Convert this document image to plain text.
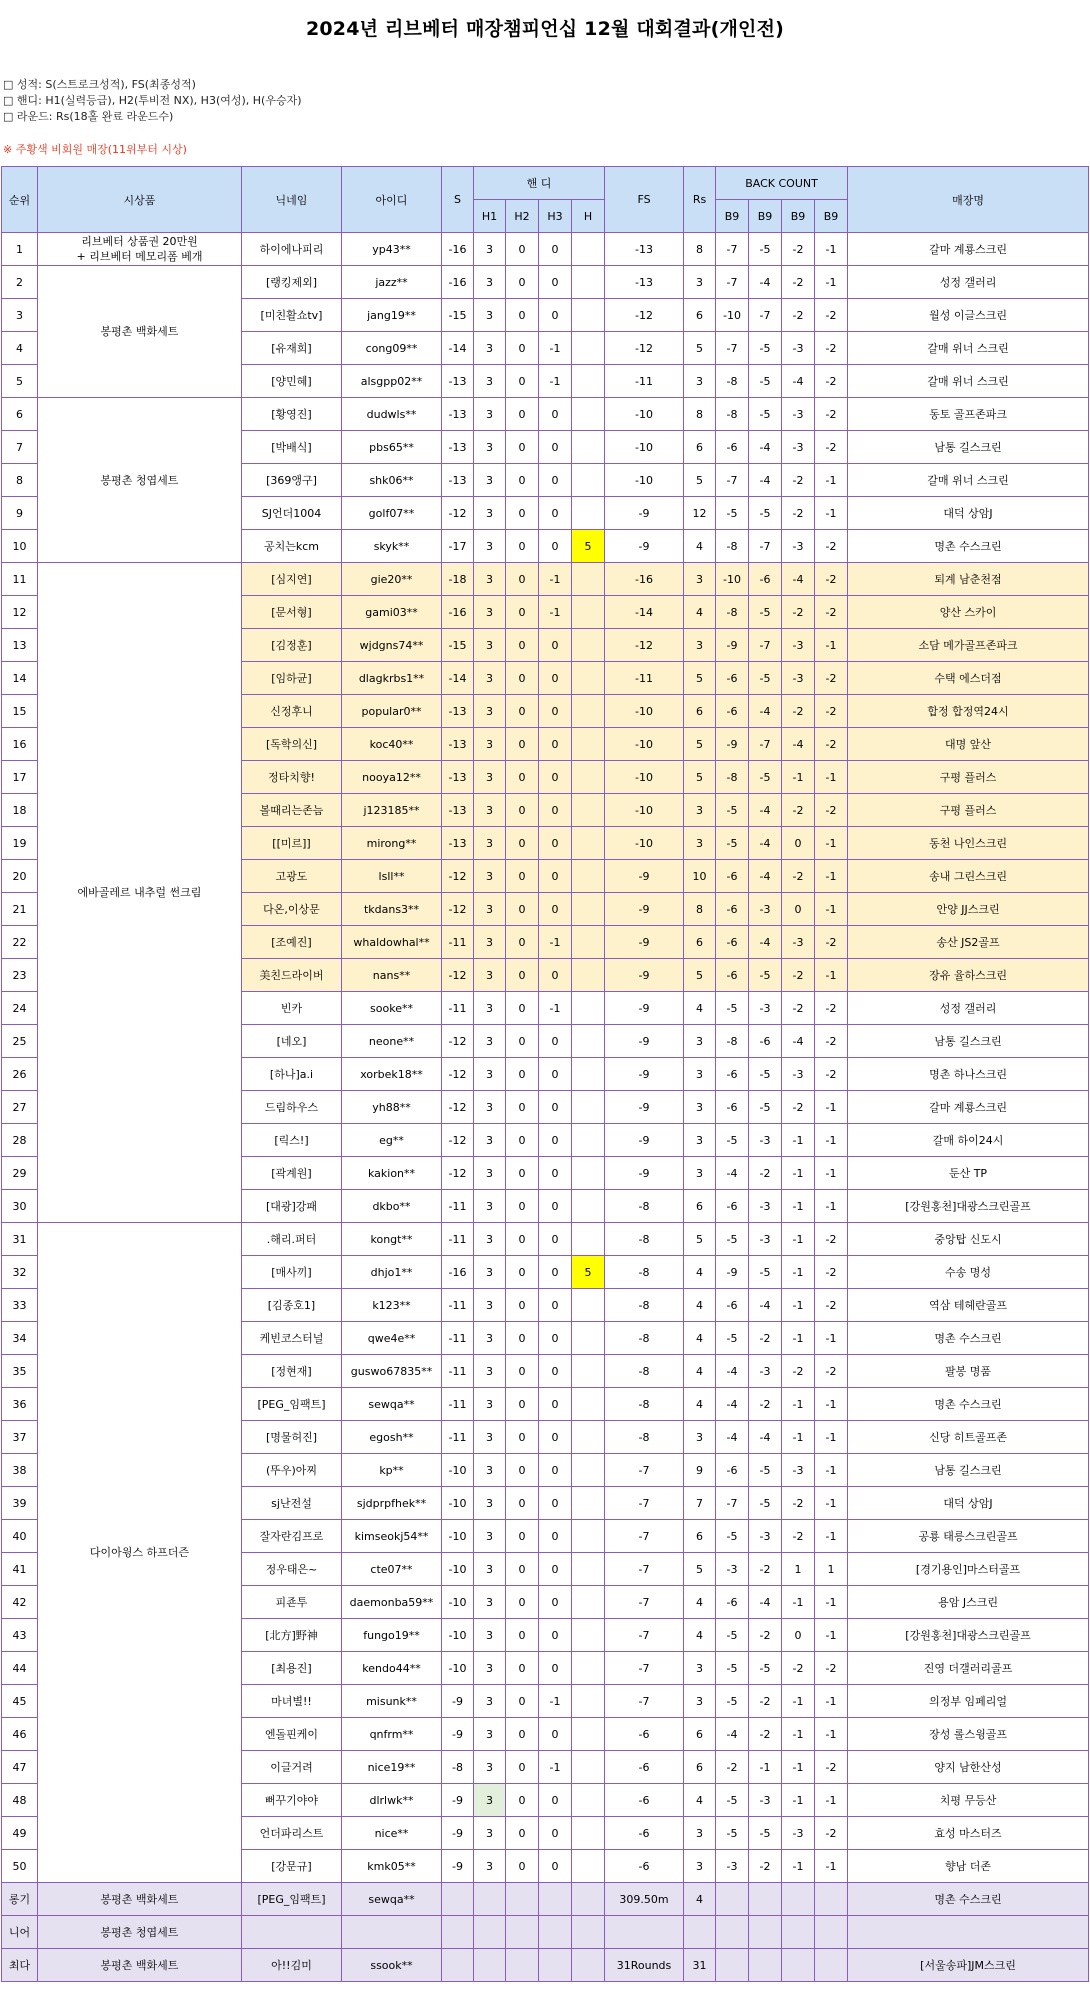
2024년 리브베터 매장챔피언십 12월 대회결과(개인전)
□ 성적: S(스트로크성적), FS(최종성적)
□ 핸디: H1(실력등급), H2(투비전 NX), H3(여성), H(우승자)
□ 라운드: Rs(18홀 완료 라운드수)
※ 주황색 비회원 매장(11위부터 시상)
순위	시상품	닉네임	아이디	S	핸 디				FS	Rs	BACK COUNT				매장명
					H1	H2	H3	H			B9	B9	B9	B9	
1	리브베터 상품권 20만원
+ 리브베터 메모리폼 베개	하이에나피리	yp43**	-16	3	0	0		-13	8	-7	-5	-2	-1	갈마 계룡스크린
2	봉평촌 백화세트	[랭킹제외]	jazz**	-16	3	0	0		-13	3	-7	-4	-2	-1	성정 갤러리
3		[미친활쇼tv]	jang19**	-15	3	0	0		-12	6	-10	-7	-2	-2	월성 이글스크린
4		[유재희]	cong09**	-14	3	0	-1		-12	5	-7	-5	-3	-2	갈매 위너 스크린
5		[양민혜]	alsgpp02**	-13	3	0	-1		-11	3	-8	-5	-4	-2	갈매 위너 스크린
6	봉평촌 청엽세트	[황영진]	dudwls**	-13	3	0	0		-10	8	-8	-5	-3	-2	동토 골프존파크
7		[박배식]	pbs65**	-13	3	0	0		-10	6	-6	-4	-3	-2	남통 길스크린
8		[369앵구]	shk06**	-13	3	0	0		-10	5	-7	-4	-2	-1	갈매 위너 스크린
9		SJ언더1004	golf07**	-12	3	0	0		-9	12	-5	-5	-2	-1	대덕 상암J
10		공치는kcm	skyk**	-17	3	0	0	5	-9	4	-8	-7	-3	-2	명촌 수스크린
11	에바골레르 내추럴 썬크림	[심지연]	gie20**	-18	3	0	-1		-16	3	-10	-6	-4	-2	퇴계 남춘천점
12		[문서형]	gami03**	-16	3	0	-1		-14	4	-8	-5	-2	-2	양산 스카이
13		[김정훈]	wjdgns74**	-15	3	0	0		-12	3	-9	-7	-3	-1	소담 메가골프존파크
14		[임하균]	dlagkrbs1**	-14	3	0	0		-11	5	-6	-5	-3	-2	수택 에스더점
15		신정후니	popular0**	-13	3	0	0		-10	6	-6	-4	-2	-2	합정 합정역24시
16		[독학의신]	koc40**	-13	3	0	0		-10	5	-9	-7	-4	-2	대명 앞산
17		정타치향!	nooya12**	-13	3	0	0		-10	5	-8	-5	-1	-1	구평 플러스
18		볼때리는존늠	j123185**	-13	3	0	0		-10	3	-5	-4	-2	-2	구평 플러스
19		[[미르]]	mirong**	-13	3	0	0		-10	3	-5	-4	0	-1	동천 나인스크린
20		고광도	lsll**	-12	3	0	0		-9	10	-6	-4	-2	-1	송내 그린스크린
21		다온,이상문	tkdans3**	-12	3	0	0		-9	8	-6	-3	0	-1	안양 JJ스크린
22		[조예진]	whaldowhal**	-11	3	0	-1		-9	6	-6	-4	-3	-2	송산 JS2골프
23		美친드라이버	nans**	-12	3	0	0		-9	5	-6	-5	-2	-1	장유 율하스크린
24		빈카	sooke**	-11	3	0	-1		-9	4	-5	-3	-2	-2	성정 갤러리
25		[네오]	neone**	-12	3	0	0		-9	3	-8	-6	-4	-2	남통 길스크린
26		[하나]a.i	xorbek18**	-12	3	0	0		-9	3	-6	-5	-3	-2	명촌 하나스크린
27		드림하우스	yh88**	-12	3	0	0		-9	3	-6	-5	-2	-1	갈마 계룡스크린
28		[릭스!]	eg**	-12	3	0	0		-9	3	-5	-3	-1	-1	갈매 하이24시
29		[곽계원]	kakion**	-12	3	0	0		-9	3	-4	-2	-1	-1	둔산 TP
30		[대광]강패	dkbo**	-11	3	0	0		-8	6	-6	-3	-1	-1	[강원홍천]대광스크린골프
31	다이아윙스 하프더즌	.해리.퍼터	kongt**	-11	3	0	0		-8	5	-5	-3	-1	-2	중앙탑 신도시
32		[매사끼]	dhjo1**	-16	3	0	0	5	-8	4	-9	-5	-1	-2	수송 명성
33		[김종호1]	k123**	-11	3	0	0		-8	4	-6	-4	-1	-2	역삼 테헤란골프
34		케빈코스터널	qwe4e**	-11	3	0	0		-8	4	-5	-2	-1	-1	명촌 수스크린
35		[정현재]	guswo67835**	-11	3	0	0		-8	4	-4	-3	-2	-2	팔봉 명품
36		[PEG_임팩트]	sewqa**	-11	3	0	0		-8	4	-4	-2	-1	-1	명촌 수스크린
37		[명물허진]	egosh**	-11	3	0	0		-8	3	-4	-4	-1	-1	신당 히트골프존
38		(뚜우)아찌	kp**	-10	3	0	0		-7	9	-6	-5	-3	-1	남통 길스크린
39		sj난전설	sjdprpfhek**	-10	3	0	0		-7	7	-7	-5	-2	-1	대덕 상암J
40		잘자란김프로	kimseokj54**	-10	3	0	0		-7	6	-5	-3	-2	-1	공룡 태릉스크린골프
41		정우태은~	cte07**	-10	3	0	0		-7	5	-3	-2	1	1	[경기용인]마스터골프
42		피죤투	daemonba59**	-10	3	0	0		-7	4	-6	-4	-1	-1	용암 J스크린
43		[北方]野神	fungo19**	-10	3	0	0		-7	4	-5	-2	0	-1	[강원홍천]대광스크린골프
44		[최용진]	kendo44**	-10	3	0	0		-7	3	-5	-5	-2	-2	진영 더갤러리골프
45		마녀별!!	misunk**	-9	3	0	-1		-7	3	-5	-2	-1	-1	의정부 임페리얼
46		엔돌핀케이	qnfrm**	-9	3	0	0		-6	6	-4	-2	-1	-1	장성 롤스윙골프
47		이글거려	nice19**	-8	3	0	-1		-6	6	-2	-1	-1	-2	양지 남한산성
48		뻐꾸기야야	dlrlwk**	-9	3	0	0		-6	4	-5	-3	-1	-1	치평 무등산
49		언더파리스트	nice**	-9	3	0	0		-6	3	-5	-5	-3	-2	효성 마스터즈
50		[강문규]	kmk05**	-9	3	0	0		-6	3	-3	-2	-1	-1	향남 더존
롱기	봉평촌 백화세트	[PEG_임팩트]	sewqa**						309.50m	4					명촌 수스크린
니어	봉평촌 청엽세트														
최다	봉평촌 백화세트	아!!김미	ssook**						31Rounds	31					[서울송파]JM스크린
